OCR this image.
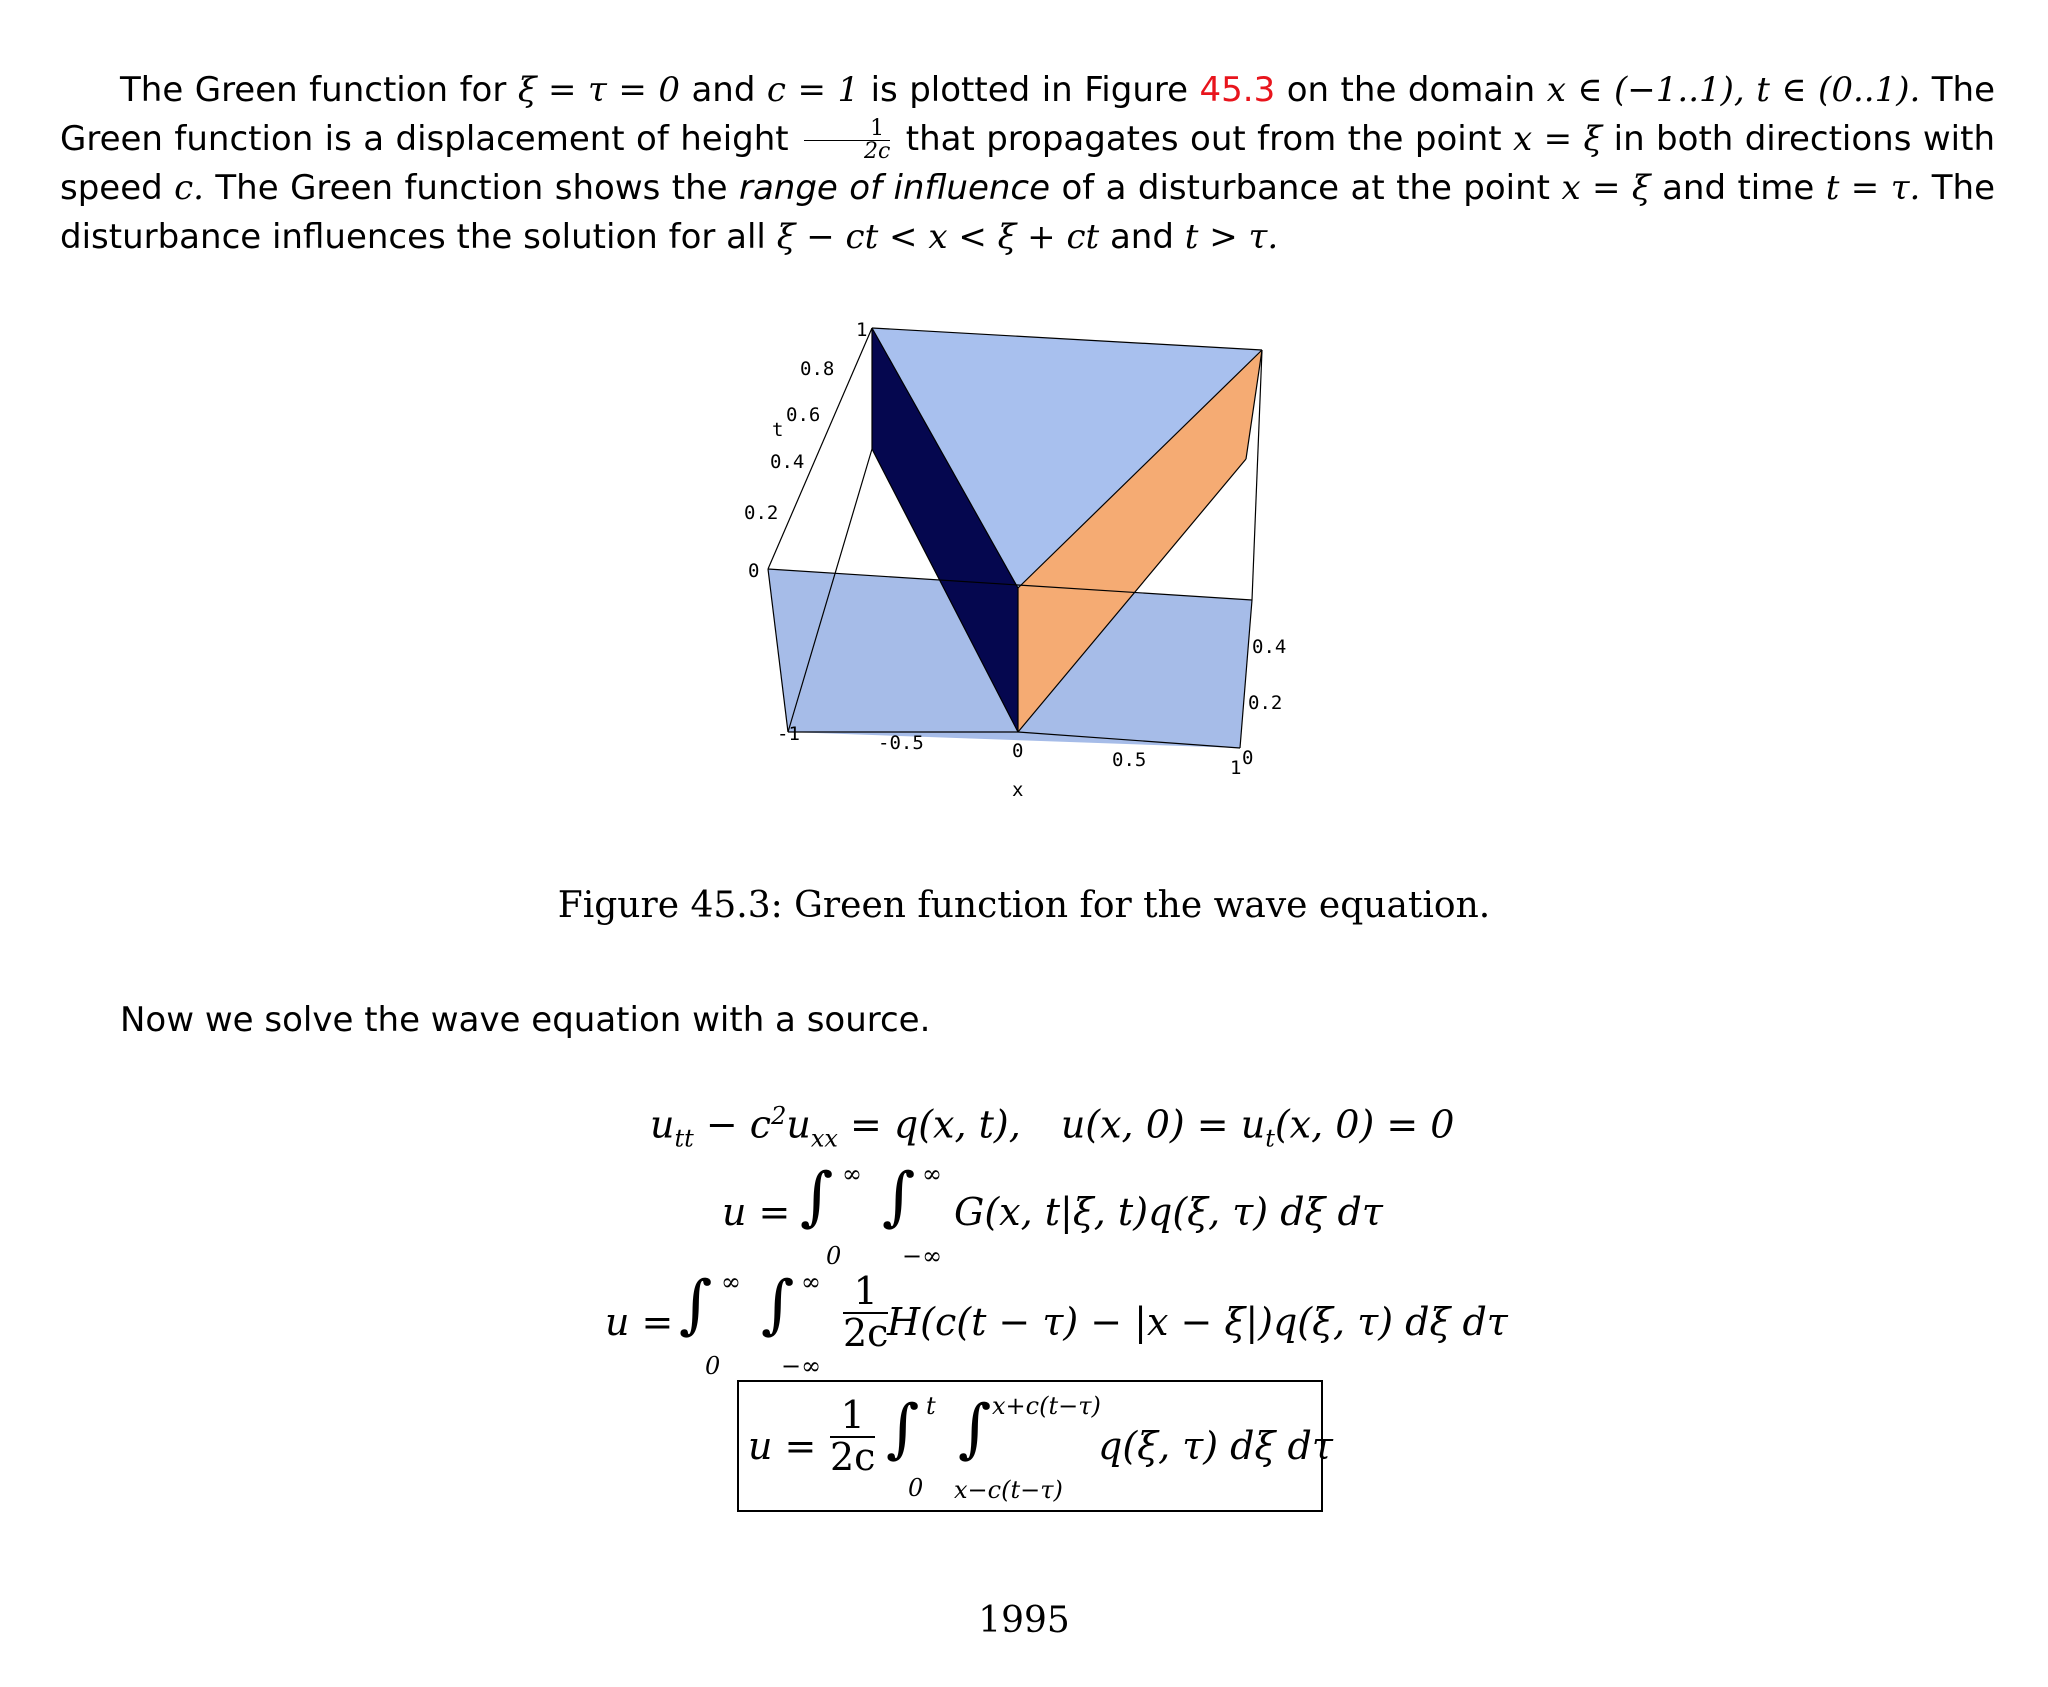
The Green function for ξ = τ = 0 and c = 1 is plotted in Figure 45.3 on the domain x ∈ (−1..1), t ∈ (0..1). The Green function is a displacement of height $\frac{1}{2c}$ that propagates out from the point x = ξ in both directions with speed c. The Green function shows the range of influence of a disturbance at the point x = ξ and time t = τ. The disturbance influences the solution for all ξ − ct < x < ξ + ct and t > τ.

0
0.2
0.4
0.6
0.8
1
t
-1	-0.5	0	0.5	1
x
0
0.2
0.4
Figure 45.3: Green function for the wave equation.
Now we solve the wave equation with a source.
$u_{tt} - c^2u_{xx} = q(x$, t), u(x, $0) = u_t(x$, 0) = 0
u = ∫ ∞
0
∫ ∞
−∞
G(x, t|ξ, t)q(ξ, τ) dξ dτ
u = ∫ ∞
0
∫ ∞
−∞
$\frac{1}{2c}$
H(c(t − τ) − |x − ξ|)q(ξ, τ) dξ dτ
$u = \frac{1}{2c}$ ∫ t
0
∫ x+c(t−τ)
x−c(t−τ)
q(ξ, τ) dξ dτ
1995
